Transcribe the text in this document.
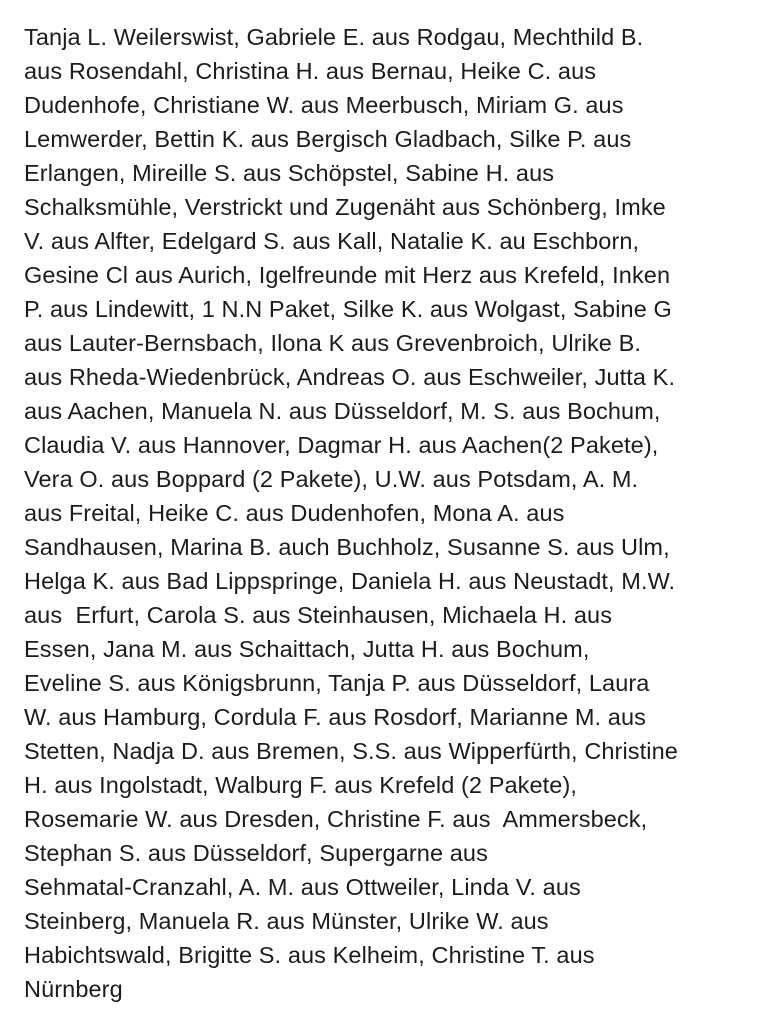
Tanja L. Weilerswist, Gabriele E. aus Rodgau, Mechthild B.
aus Rosendahl, Christina H. aus Bernau, Heike C. aus
Dudenhofe, Christiane W. aus Meerbusch, Miriam G. aus
Lemwerder, Bettin K. aus Bergisch Gladbach, Silke P. aus
Erlangen, Mireille S. aus Schöpstel, Sabine H. aus
Schalksmühle, Verstrickt und Zugenäht aus Schönberg, Imke
V. aus Alfter, Edelgard S. aus Kall, Natalie K. au Eschborn,
Gesine Cl aus Aurich, Igelfreunde mit Herz aus Krefeld, Inken
P. aus Lindewitt, 1 N.N Paket, Silke K. aus Wolgast, Sabine G
aus Lauter-Bernsbach, Ilona K aus Grevenbroich, Ulrike B.
aus Rheda-Wiedenbrück, Andreas O. aus Eschweiler, Jutta K.
aus Aachen, Manuela N. aus Düsseldorf, M. S. aus Bochum,
Claudia V. aus Hannover, Dagmar H. aus Aachen(2 Pakete),
Vera O. aus Boppard (2 Pakete), U.W. aus Potsdam, A. M.
aus Freital, Heike C. aus Dudenhofen, Mona A. aus
Sandhausen, Marina B. auch Buchholz, Susanne S. aus Ulm,
Helga K. aus Bad Lippspringe, Daniela H. aus Neustadt, M.W.
aus  Erfurt, Carola S. aus Steinhausen, Michaela H. aus
Essen, Jana M. aus Schaittach, Jutta H. aus Bochum,
Eveline S. aus Königsbrunn, Tanja P. aus Düsseldorf, Laura
W. aus Hamburg, Cordula F. aus Rosdorf, Marianne M. aus
Stetten, Nadja D. aus Bremen, S.S. aus Wipperfürth, Christine
H. aus Ingolstadt, Walburg F. aus Krefeld (2 Pakete),
Rosemarie W. aus Dresden, Christine F. aus  Ammersbeck,
Stephan S. aus Düsseldorf, Supergarne aus
Sehmatal-Cranzahl, A. M. aus Ottweiler, Linda V. aus
Steinberg, Manuela R. aus Münster, Ulrike W. aus
Habichtswald, Brigitte S. aus Kelheim, Christine T. aus
Nürnberg
